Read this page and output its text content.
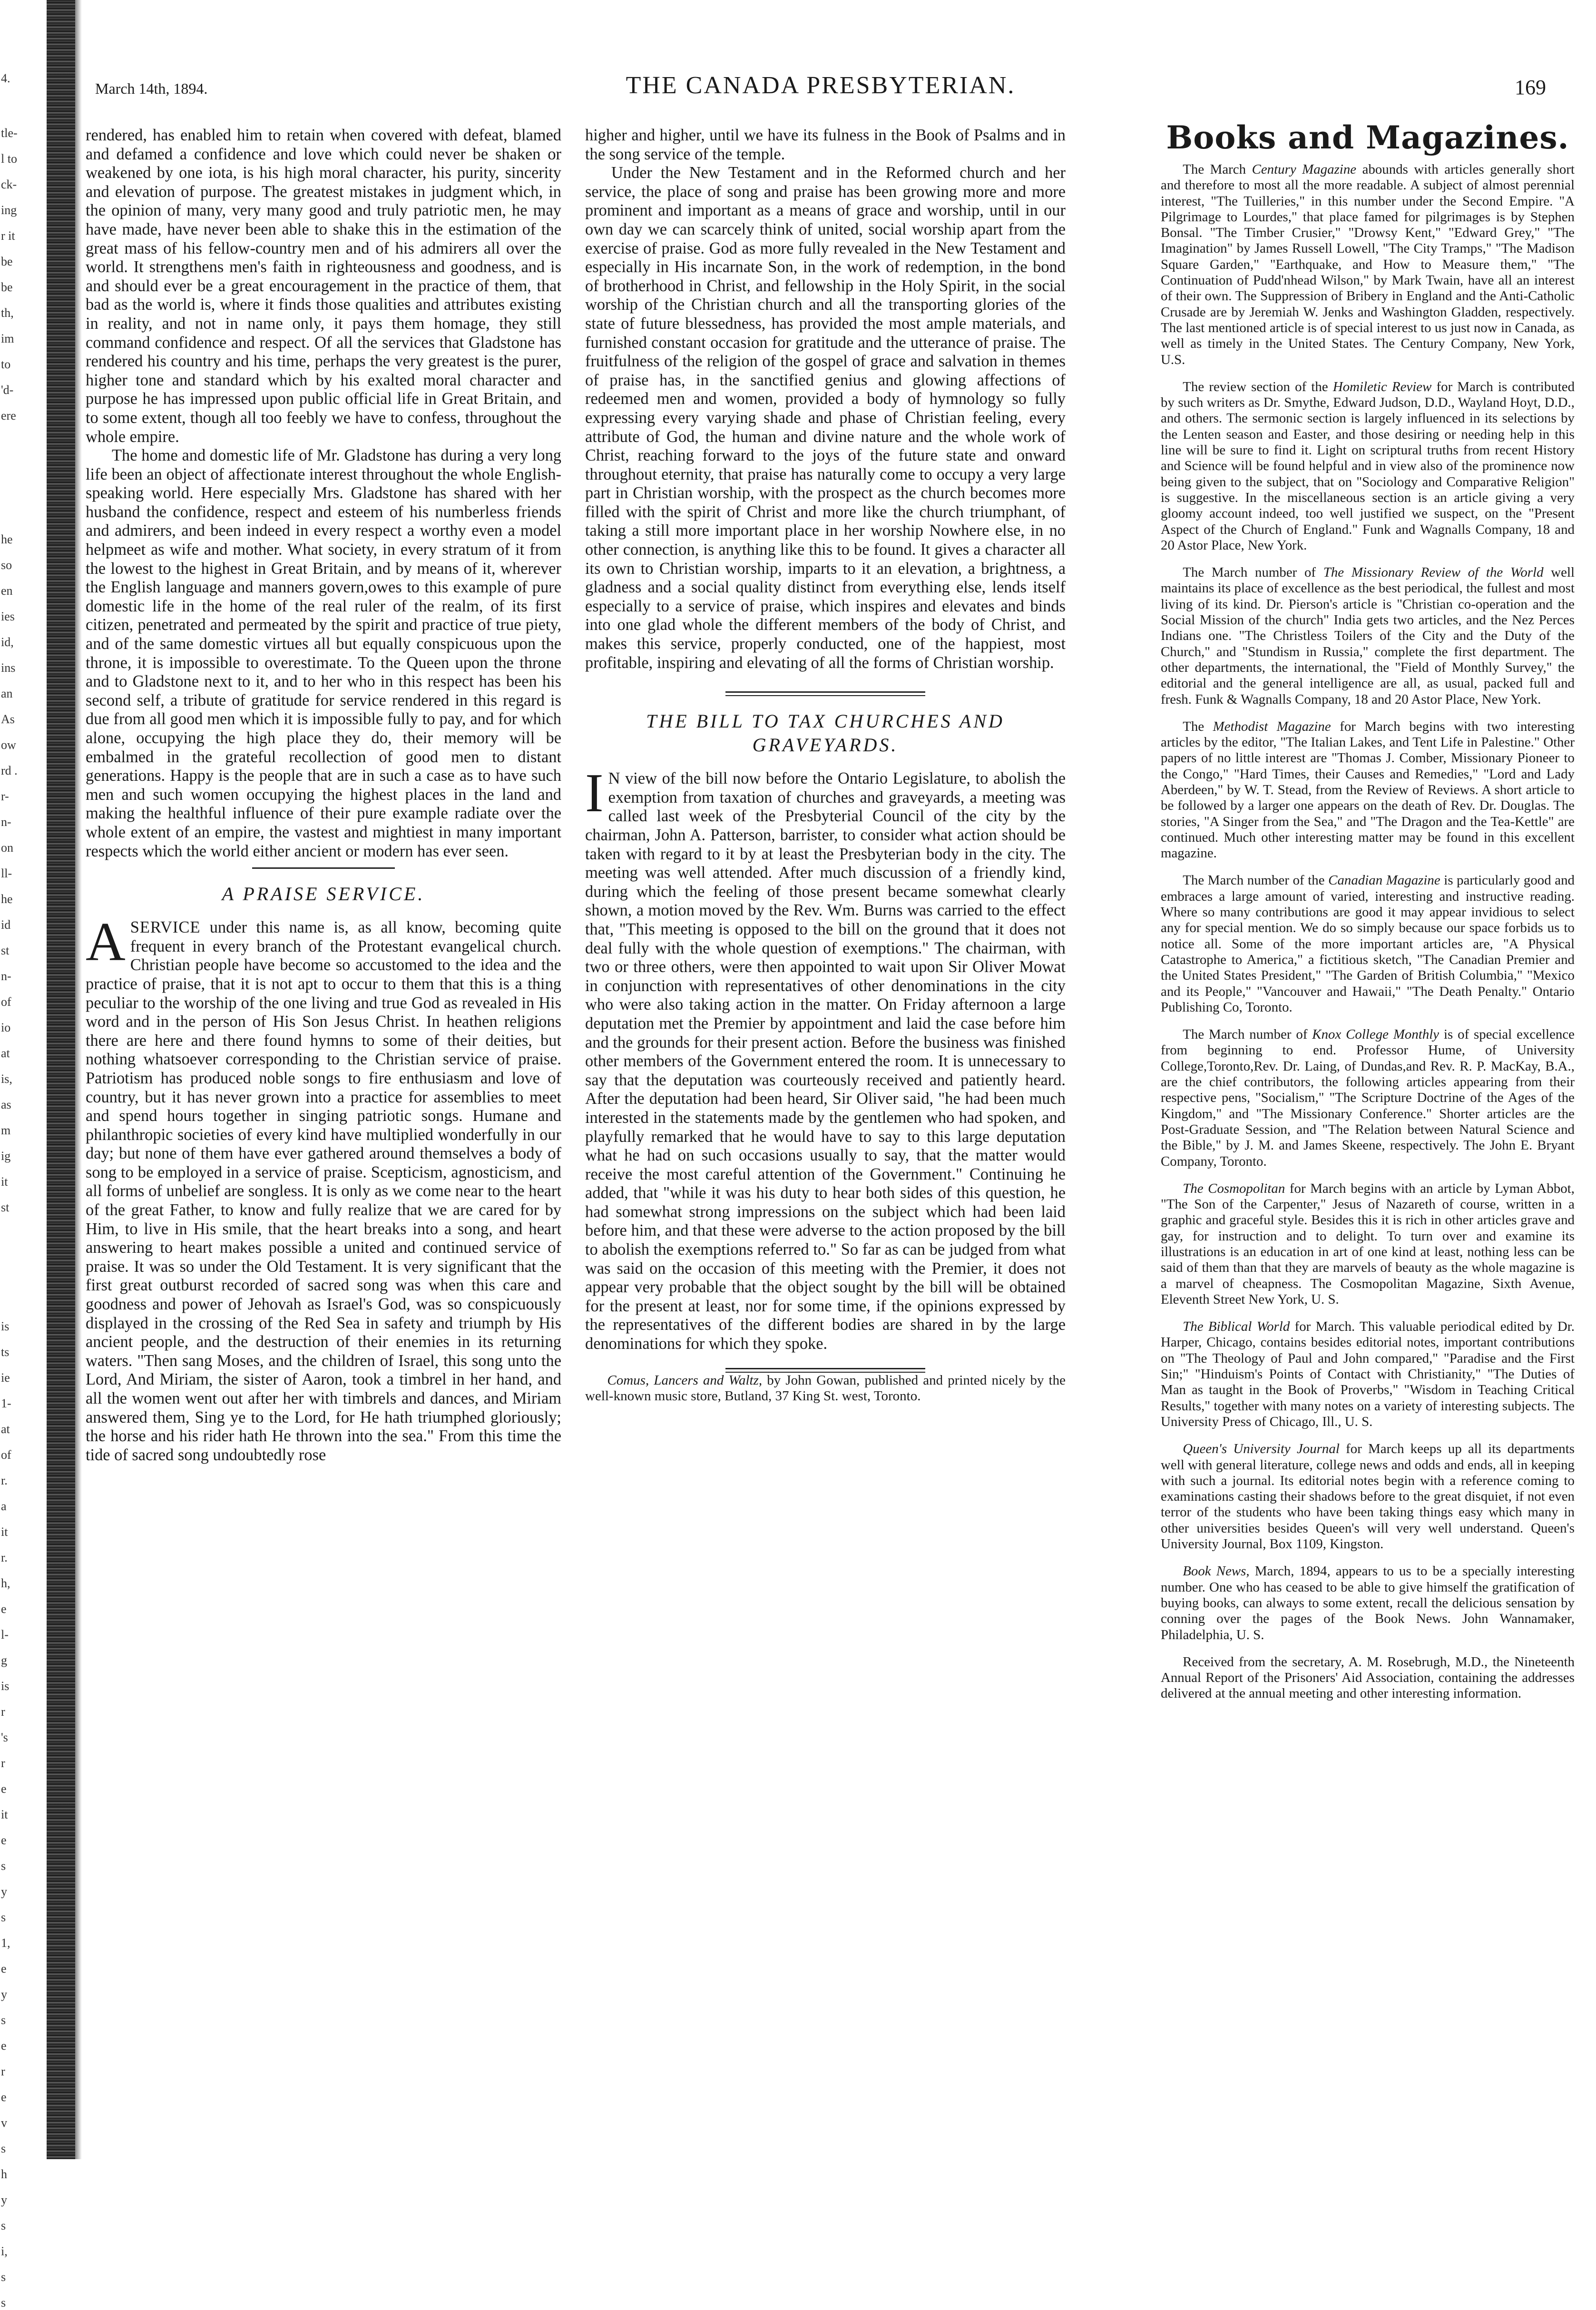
4.
tle-
l to
ck-
ing
r it
be
be
th,
im
to
'd-
ere
he
so
en
ies
id,
ins
an
As
ow
rd .
r-
n-
on
ll-
he
id
st
n-
of
io
at
is,
as
m
ig
it
st
is
ts
ie
1-
at
of
r.
a
it
r.
h,
e
l-
g
is
r
's
r
e
it
e
s
y
s
1,
e
y
s
e
r
e
v
s
h
y
s
i,
s
s
March 14th, 1894.	THE CANADA PRESBYTERIAN.	169

rendered, has enabled him to retain when covered with defeat, blamed and defamed a confidence and love which could never be shaken or weakened by one iota, is his high moral character, his purity, sincerity and elevation of purpose. The greatest mistakes in judgment which, in the opinion of many, very many good and truly patriotic men, he may have made, have never been able to shake this in the estimation of the great mass of his fellow-country men and of his admirers all over the world. It strengthens men's faith in righteousness and goodness, and is and should ever be a great encouragement in the practice of them, that bad as the world is, where it finds those qualities and attributes existing in reality, and not in name only, it pays them homage, they still command confidence and respect. Of all the services that Gladstone has rendered his country and his time, perhaps the very greatest is the purer, higher tone and standard which by his exalted moral character and purpose he has impressed upon public official life in Great Britain, and to some extent, though all too feebly we have to confess, throughout the whole empire.

The home and domestic life of Mr. Gladstone has during a very long life been an object of affectionate interest throughout the whole English-speaking world. Here especially Mrs. Gladstone has shared with her husband the confidence, respect and esteem of his numberless friends and admirers, and been indeed in every respect a worthy even a model helpmeet as wife and mother. What society, in every stratum of it from the lowest to the highest in Great Britain, and by means of it, wherever the English language and manners govern,owes to this example of pure domestic life in the home of the real ruler of the realm, of its first citizen, penetrated and permeated by the spirit and practice of true piety, and of the same domestic virtues all but equally conspicuous upon the throne, it is impossible to overestimate. To the Queen upon the throne and to Gladstone next to it, and to her who in this respect has been his second self, a tribute of gratitude for service rendered in this regard is due from all good men which it is impossible fully to pay, and for which alone, occupying the high place they do, their memory will be embalmed in the grateful recollection of good men to distant generations. Happy is the people that are in such a case as to have such men and such women occupying the highest places in the land and making the healthful influence of their pure example radiate over the whole extent of an empire, the vastest and mightiest in many important respects which the world either ancient or modern has ever seen.

A PRAISE SERVICE.

ASERVICE under this name is, as all know, becoming quite frequent in every branch of the Protestant evangelical church. Christian people have become so accustomed to the idea and the practice of praise, that it is not apt to occur to them that this is a thing peculiar to the worship of the one living and true God as revealed in His word and in the person of His Son Jesus Christ. In heathen religions there are here and there found hymns to some of their deities, but nothing whatsoever corresponding to the Christian service of praise. Patriotism has produced noble songs to fire enthusiasm and love of country, but it has never grown into a practice for assemblies to meet and spend hours together in singing patriotic songs. Humane and philanthropic societies of every kind have multiplied wonderfully in our day; but none of them have ever gathered around themselves a body of song to be employed in a service of praise. Scepticism, agnosticism, and all forms of unbelief are songless. It is only as we come near to the heart of the great Father, to know and fully realize that we are cared for by Him, to live in His smile, that the heart breaks into a song, and heart answering to heart makes possible a united and continued service of praise. It was so under the Old Testament. It is very significant that the first great outburst recorded of sacred song was when this care and goodness and power of Jehovah as Israel's God, was so conspicuously displayed in the crossing of the Red Sea in safety and triumph by His ancient people, and the destruction of their enemies in its returning waters. "Then sang Moses, and the children of Israel, this song unto the Lord, And Miriam, the sister of Aaron, took a timbrel in her hand, and all the women went out after her with timbrels and dances, and Miriam answered them, Sing ye to the Lord, for He hath triumphed gloriously; the horse and his rider hath He thrown into the sea." From this time the tide of sacred song undoubtedly rose

higher and higher, until we have its fulness in the Book of Psalms and in the song service of the temple.

Under the New Testament and in the Reformed church and her service, the place of song and praise has been growing more and more prominent and important as a means of grace and worship, until in our own day we can scarcely think of united, social worship apart from the exercise of praise. God as more fully revealed in the New Testament and especially in His incarnate Son, in the work of redemption, in the bond of brotherhood in Christ, and fellowship in the Holy Spirit, in the social worship of the Christian church and all the transporting glories of the state of future blessedness, has provided the most ample materials, and furnished constant occasion for gratitude and the utterance of praise. The fruitfulness of the religion of the gospel of grace and salvation in themes of praise has, in the sanctified genius and glowing affections of redeemed men and women, provided a body of hymnology so fully expressing every varying shade and phase of Christian feeling, every attribute of God, the human and divine nature and the whole work of Christ, reaching forward to the joys of the future state and onward throughout eternity, that praise has naturally come to occupy a very large part in Christian worship, with the prospect as the church becomes more filled with the spirit of Christ and more like the church triumphant, of taking a still more important place in her worship Nowhere else, in no other connection, is anything like this to be found. It gives a character all its own to Christian worship, imparts to it an elevation, a brightness, a gladness and a social quality distinct from everything else, lends itself especially to a service of praise, which inspires and elevates and binds into one glad whole the different members of the body of Christ, and makes this service, properly conducted, one of the happiest, most profitable, inspiring and elevating of all the forms of Christian worship.

THE BILL TO TAX CHURCHES AND
GRAVEYARDS.

I N view of the bill now before the Ontario Legislature, to abolish the exemption from taxation of churches and graveyards, a meeting was called last week of the Presbyterial Council of the city by the chairman, John A. Patterson, barrister, to consider what action should be taken with regard to it by at least the Presbyterian body in the city. The meeting was well attended. After much discussion of a friendly kind, during which the feeling of those present became somewhat clearly shown, a motion moved by the Rev. Wm. Burns was carried to the effect that, "This meeting is opposed to the bill on the ground that it does not deal fully with the whole question of exemptions." The chairman, with two or three others, were then appointed to wait upon Sir Oliver Mowat in conjunction with representatives of other denominations in the city who were also taking action in the matter. On Friday afternoon a large deputation met the Premier by appointment and laid the case before him and the grounds for their present action. Before the business was finished other members of the Government entered the room. It is unnecessary to say that the deputation was courteously received and patiently heard. After the deputation had been heard, Sir Oliver said, "he had been much interested in the statements made by the gentlemen who had spoken, and playfully remarked that he would have to say to this large deputation what he had on such occasions usually to say, that the matter would receive the most careful attention of the Government." Continuing he added, that "while it was his duty to hear both sides of this question, he had somewhat strong impressions on the subject which had been laid before him, and that these were adverse to the action proposed by the bill to abolish the exemptions referred to." So far as can be judged from what was said on the occasion of this meeting with the Premier, it does not appear very probable that the object sought by the bill will be obtained for the present at least, nor for some time, if the opinions expressed by the representatives of the different bodies are shared in by the large denominations for which they spoke.

Comus, Lancers and Waltz, by John Gowan, published and printed nicely by the well-known music store, Butland, 37 King St. west, Toronto.

Books and Magazines.

The March Century Magazine abounds with articles generally short and therefore to most all the more readable. A subject of almost perennial interest, "The Tuilleries," in this number under the Second Empire. "A Pilgrimage to Lourdes," that place famed for pilgrimages is by Stephen Bonsal. "The Timber Crusier," "Drowsy Kent," "Edward Grey," "The Imagination" by James Russell Lowell, "The City Tramps," "The Madison Square Garden," "Earthquake, and How to Measure them," "The Continuation of Pudd'nhead Wilson," by Mark Twain, have all an interest of their own. The Suppression of Bribery in England and the Anti-Catholic Crusade are by Jeremiah W. Jenks and Washington Gladden, respectively. The last mentioned article is of special interest to us just now in Canada, as well as timely in the United States. The Century Company, New York, U.S.

The review section of the Homiletic Review for March is contributed by such writers as Dr. Smythe, Edward Judson, D.D., Wayland Hoyt, D.D., and others. The sermonic section is largely influenced in its selections by the Lenten season and Easter, and those desiring or needing help in this line will be sure to find it. Light on scriptural truths from recent History and Science will be found helpful and in view also of the prominence now being given to the subject, that on "Sociology and Comparative Religion" is suggestive. In the miscellaneous section is an article giving a very gloomy account indeed, too well justified we suspect, on the "Present Aspect of the Church of England." Funk and Wagnalls Company, 18 and 20 Astor Place, New York.

The March number of The Missionary Review of the World well maintains its place of excellence as the best periodical, the fullest and most living of its kind. Dr. Pierson's article is "Christian co-operation and the Social Mission of the church" India gets two articles, and the Nez Perces Indians one. "The Christless Toilers of the City and the Duty of the Church," and "Stundism in Russia," complete the first department. The other departments, the international, the "Field of Monthly Survey," the editorial and the general intelligence are all, as usual, packed full and fresh. Funk & Wagnalls Company, 18 and 20 Astor Place, New York.

The Methodist Magazine for March begins with two interesting articles by the editor, "The Italian Lakes, and Tent Life in Palestine." Other papers of no little interest are "Thomas J. Comber, Missionary Pioneer to the Congo," "Hard Times, their Causes and Remedies," "Lord and Lady Aberdeen," by W. T. Stead, from the Review of Reviews. A short article to be followed by a larger one appears on the death of Rev. Dr. Douglas. The stories, "A Singer from the Sea," and "The Dragon and the Tea-Kettle" are continued. Much other interesting matter may be found in this excellent magazine.

The March number of the Canadian Magazine is particularly good and embraces a large amount of varied, interesting and instructive reading. Where so many contributions are good it may appear invidious to select any for special mention. We do so simply because our space forbids us to notice all. Some of the more important articles are, "A Physical Catastrophe to America," a fictitious sketch, "The Canadian Premier and the United States President," "The Garden of British Columbia," "Mexico and its People," "Vancouver and Hawaii," "The Death Penalty." Ontario Publishing Co, Toronto.

The March number of Knox College Monthly is of special excellence from beginning to end. Professor Hume, of University College,Toronto,Rev. Dr. Laing, of Dundas,and Rev. R. P. MacKay, B.A., are the chief contributors, the following articles appearing from their respective pens, "Socialism," "The Scripture Doctrine of the Ages of the Kingdom," and "The Missionary Conference." Shorter articles are the Post-Graduate Session, and "The Relation between Natural Science and the Bible," by J. M. and James Skeene, respectively. The John E. Bryant Company, Toronto.

The Cosmopolitan for March begins with an article by Lyman Abbot, "The Son of the Carpenter," Jesus of Nazareth of course, written in a graphic and graceful style. Besides this it is rich in other articles grave and gay, for instruction and to delight. To turn over and examine its illustrations is an education in art of one kind at least, nothing less can be said of them than that they are marvels of beauty as the whole magazine is a marvel of cheapness. The Cosmopolitan Magazine, Sixth Avenue, Eleventh Street New York, U. S.

The Biblical World for March. This valuable periodical edited by Dr. Harper, Chicago, contains besides editorial notes, important contributions on "The Theology of Paul and John compared," "Paradise and the First Sin;" "Hinduism's Points of Contact with Christianity," "The Duties of Man as taught in the Book of Proverbs," "Wisdom in Teaching Critical Results," together with many notes on a variety of interesting subjects. The University Press of Chicago, Ill., U. S.

Queen's University Journal for March keeps up all its departments well with general literature, college news and odds and ends, all in keeping with such a journal. Its editorial notes begin with a reference coming to examinations casting their shadows before to the great disquiet, if not even terror of the students who have been taking things easy which many in other universities besides Queen's will very well understand. Queen's University Journal, Box 1109, Kingston.

Book News, March, 1894, appears to us to be a specially interesting number. One who has ceased to be able to give himself the gratification of buying books, can always to some extent, recall the delicious sensation by conning over the pages of the Book News. John Wannamaker, Philadelphia, U. S.

Received from the secretary, A. M. Rosebrugh, M.D., the Nineteenth Annual Report of the Prisoners' Aid Association, containing the addresses delivered at the annual meeting and other interesting information.
